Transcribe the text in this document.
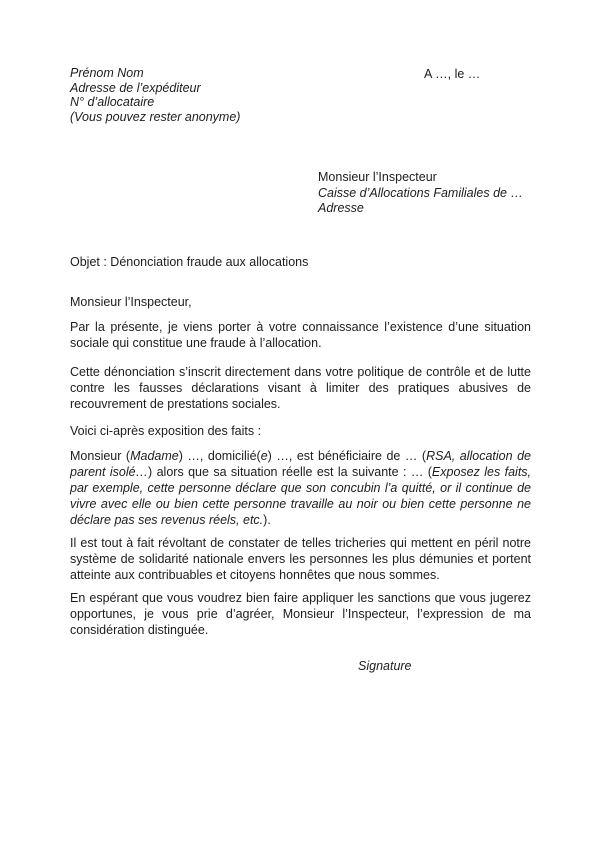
Prénom Nom
Adresse de l’expéditeur
N° d’allocataire
(Vous pouvez rester anonyme)
A …, le …
Monsieur l’Inspecteur
Caisse d’Allocations Familiales de …
Adresse

Objet : Dénonciation fraude aux allocations

Monsieur l’Inspecteur,

Par la présente, je viens porter à votre connaissance l’existence d’une situation sociale qui constitue une fraude à l’allocation.

Cette dénonciation s’inscrit directement dans votre politique de contrôle et de lutte contre les fausses déclarations visant à limiter des pratiques abusives de recouvrement de prestations sociales.

Voici ci-après exposition des faits :

Monsieur (Madame) …, domicilié(e) …, est bénéficiaire de … (RSA, allocation de parent isolé…) alors que sa situation réelle est la suivante : … (Exposez les faits, par exemple, cette personne déclare que son concubin l’a quitté, or il continue de vivre avec elle ou bien cette personne travaille au noir ou bien cette personne ne déclare pas ses revenus réels, etc.).

Il est tout à fait révoltant de constater de telles tricheries qui mettent en péril notre système de solidarité nationale envers les personnes les plus démunies et portent atteinte aux contribuables et citoyens honnêtes que nous sommes.

En espérant que vous voudrez bien faire appliquer les sanctions que vous jugerez opportunes, je vous prie d’agréer, Monsieur l’Inspecteur, l’expression de ma considération distinguée.

Signature
